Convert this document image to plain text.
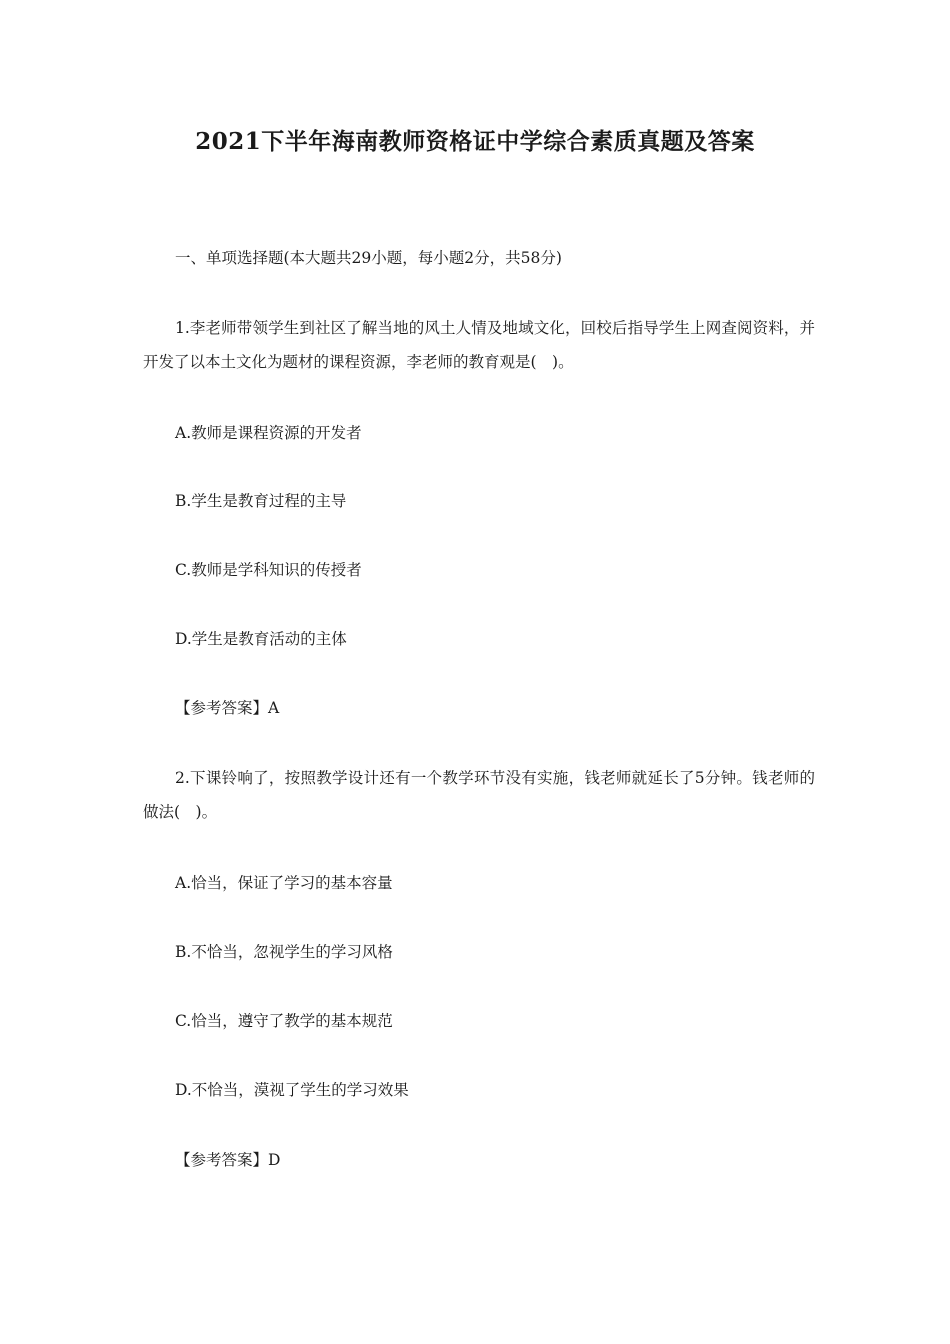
2021下半年海南教师资格证中学综合素质真题及答案
一、单项选择题(本大题共29小题，每小题2分，共58分)
1.李老师带领学生到社区了解当地的风土人情及地域文化，回校后指导学生上网查阅资料，并开发了以本土文化为题材的课程资源，李老师的教育观是(　)。
A.教师是课程资源的开发者
B.学生是教育过程的主导
C.教师是学科知识的传授者
D.学生是教育活动的主体
【参考答案】A
2.下课铃响了，按照教学设计还有一个教学环节没有实施，钱老师就延长了5分钟。钱老师的做法(　)。
A.恰当，保证了学习的基本容量
B.不恰当，忽视学生的学习风格
C.恰当，遵守了教学的基本规范
D.不恰当，漠视了学生的学习效果
【参考答案】D
